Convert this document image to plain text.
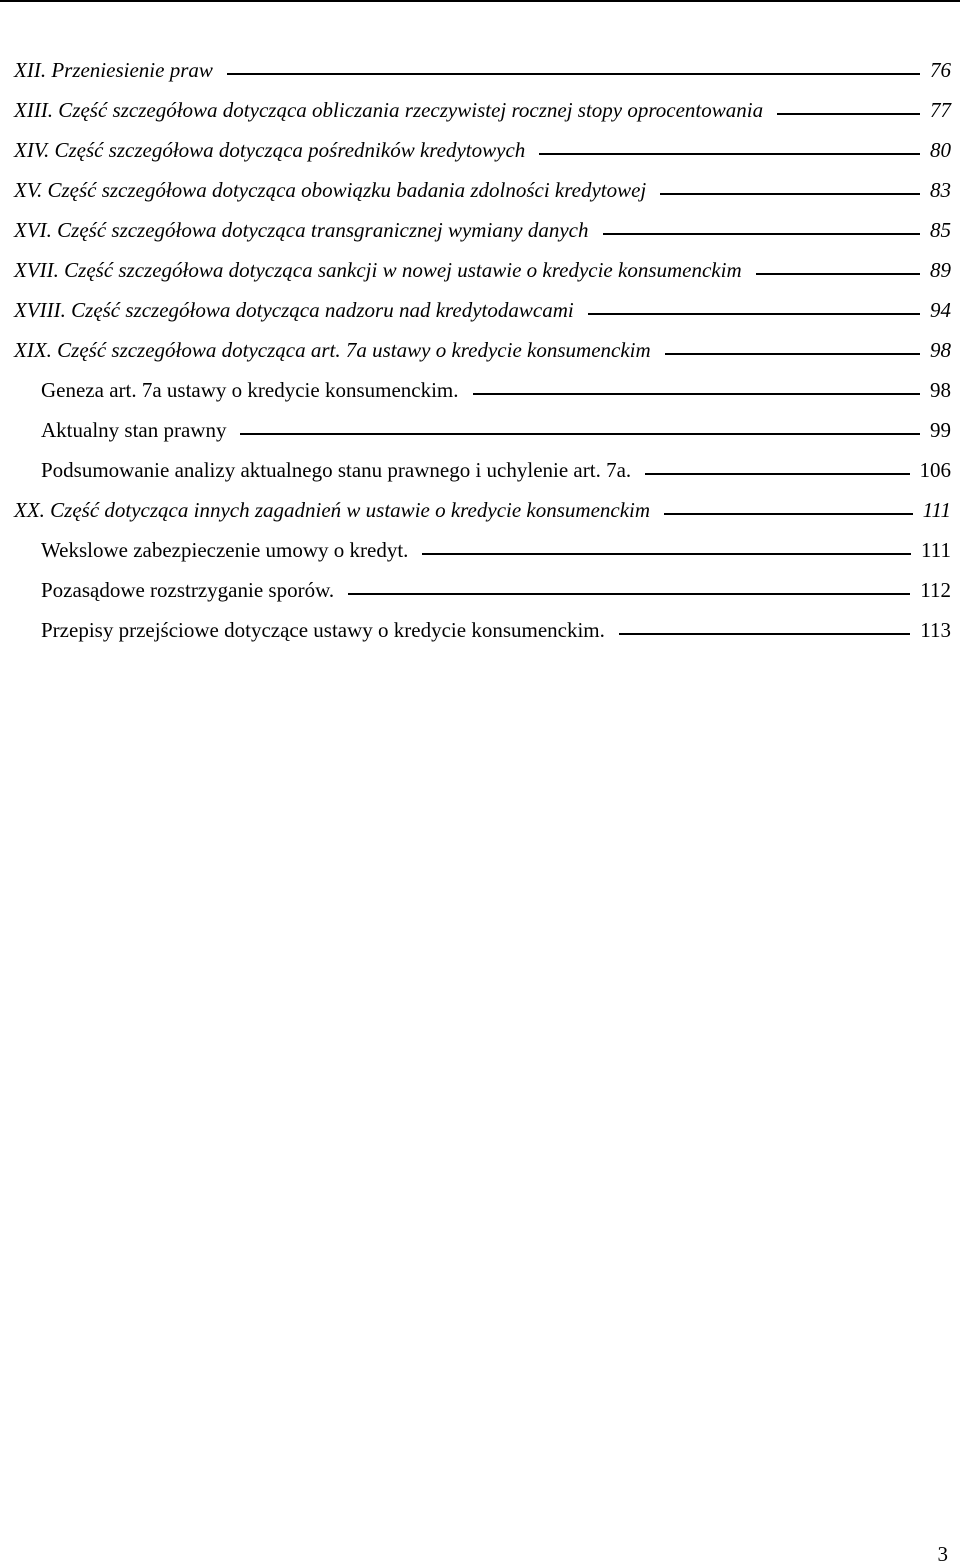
XII. Przeniesienie praw	76
XIII. Część szczegółowa dotycząca obliczania rzeczywistej rocznej stopy oprocentowania	77
XIV. Część szczegółowa dotycząca pośredników kredytowych	80
XV. Część szczegółowa dotycząca obowiązku badania zdolności kredytowej	83
XVI. Część szczegółowa dotycząca transgranicznej wymiany danych	85
XVII. Część szczegółowa dotycząca sankcji w nowej ustawie o kredycie konsumenckim	89
XVIII. Część szczegółowa dotycząca nadzoru nad kredytodawcami	94
XIX. Część szczegółowa dotycząca art. 7a ustawy o kredycie konsumenckim	98
Geneza art. 7a ustawy o kredycie konsumenckim.	98
Aktualny stan prawny	99
Podsumowanie analizy aktualnego stanu prawnego i uchylenie art. 7a.	106
XX. Część dotycząca innych zagadnień w ustawie o kredycie konsumenckim	111
Wekslowe zabezpieczenie umowy o kredyt.	111
Pozasądowe rozstrzyganie sporów.	112
Przepisy przejściowe dotyczące ustawy o kredycie konsumenckim.	113
3
